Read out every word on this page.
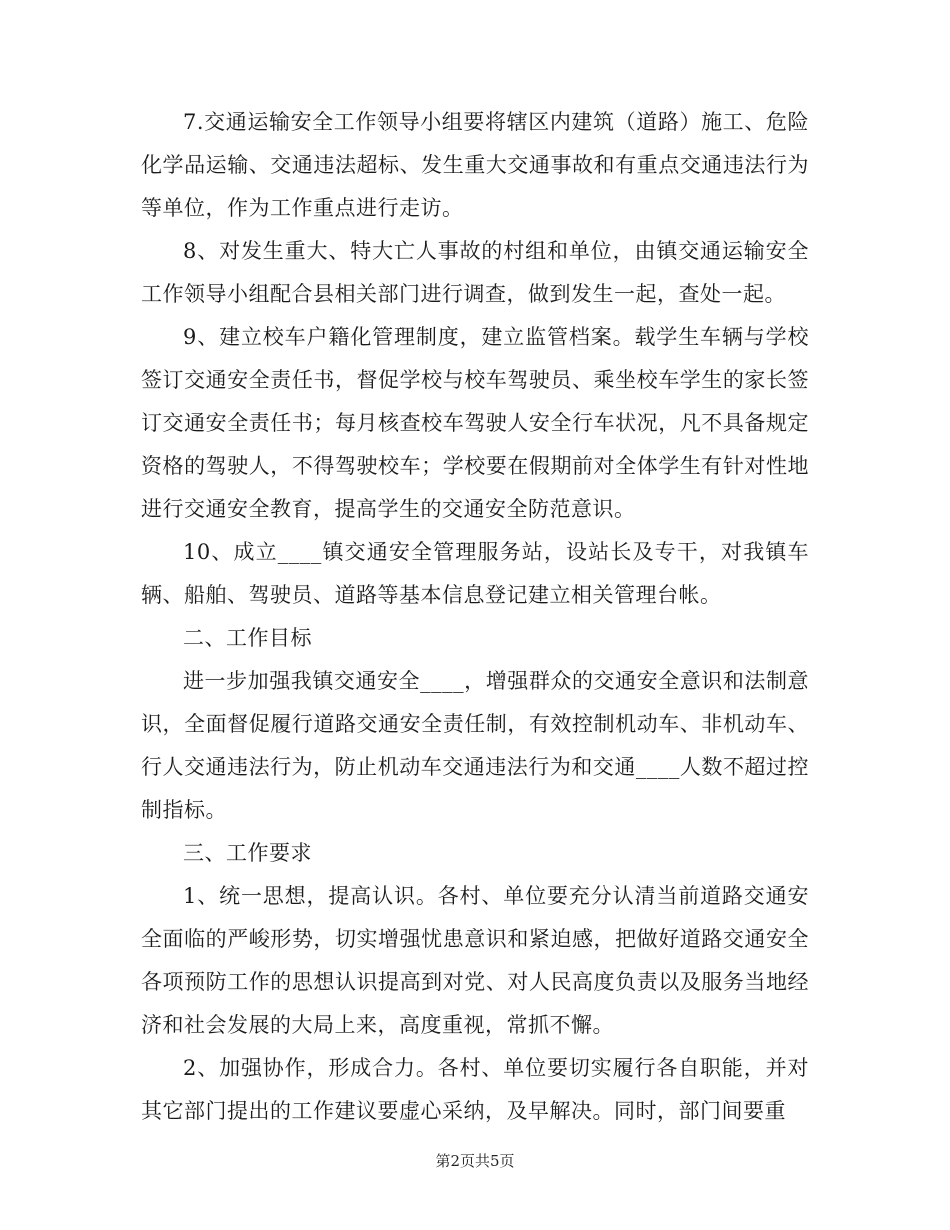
7.交通运输安全工作领导小组要将辖区内建筑（道路）施工、危险化学品运输、交通违法超标、发生重大交通事故和有重点交通违法行为等单位，作为工作重点进行走访。

8、对发生重大、特大亡人事故的村组和单位，由镇交通运输安全工作领导小组配合县相关部门进行调查，做到发生一起，查处一起。

9、建立校车户籍化管理制度，建立监管档案。载学生车辆与学校签订交通安全责任书，督促学校与校车驾驶员、乘坐校车学生的家长签订交通安全责任书；每月核查校车驾驶人安全行车状况，凡不具备规定资格的驾驶人，不得驾驶校车；学校要在假期前对全体学生有针对性地进行交通安全教育，提高学生的交通安全防范意识。

10、成立____镇交通安全管理服务站，设站长及专干，对我镇车辆、船舶、驾驶员、道路等基本信息登记建立相关管理台帐。

二、工作目标

进一步加强我镇交通安全____，增强群众的交通安全意识和法制意识，全面督促履行道路交通安全责任制，有效控制机动车、非机动车、行人交通违法行为，防止机动车交通违法行为和交通____人数不超过控制指标。

三、工作要求

1、统一思想，提高认识。各村、单位要充分认清当前道路交通安全面临的严峻形势，切实增强忧患意识和紧迫感，把做好道路交通安全各项预防工作的思想认识提高到对党、对人民高度负责以及服务当地经济和社会发展的大局上来，高度重视，常抓不懈。

2、加强协作，形成合力。各村、单位要切实履行各自职能，并对其它部门提出的工作建议要虚心采纳，及早解决。同时，部门间要重

第2页共5页
